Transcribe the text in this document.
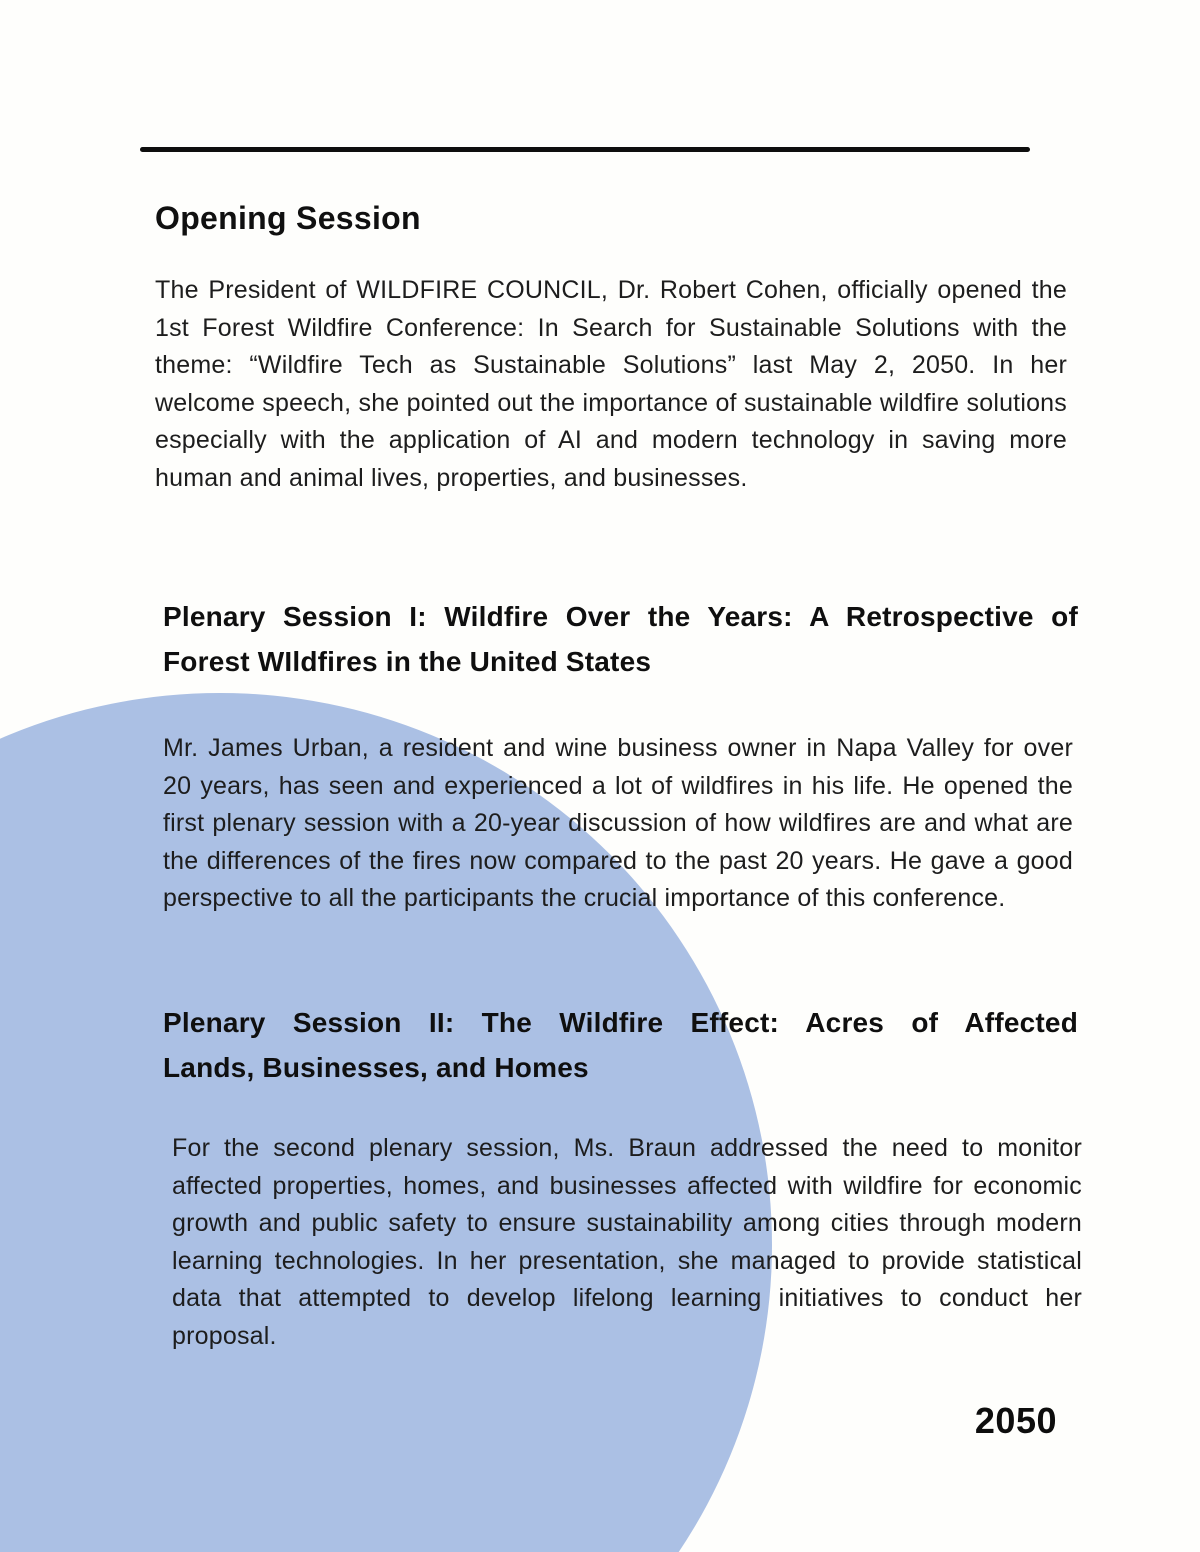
Opening Session

The President of WILDFIRE COUNCIL, Dr. Robert Cohen, officially opened the 1st Forest Wildfire Conference: In Search for Sustainable Solutions with the theme: “Wildfire Tech as Sustainable Solutions” last May 2, 2050. In her welcome speech, she pointed out the importance of sustainable wildfire solutions especially with the application of AI and modern technology in saving more human and animal lives, properties, and businesses.

Plenary Session I: Wildfire Over the Years: A Retrospective of
Forest WIldfires in the United States

Mr. James Urban, a resident and wine business owner in Napa Valley for over 20 years, has seen and experienced a lot of wildfires in his life. He opened the first plenary session with a 20-year discussion of how wildfires are and what are the differences of the fires now compared to the past 20 years. He gave a good perspective to all the participants the crucial importance of this conference.

Plenary Session II: The Wildfire Effect: Acres of Affected
Lands, Businesses, and Homes

For the second plenary session, Ms. Braun addressed the need to monitor affected properties, homes, and businesses affected with wildfire for economic growth and public safety to ensure sustainability among cities through modern learning technologies. In her presentation, she managed to provide statistical data that attempted to develop lifelong learning initiatives to conduct her proposal.

2050
